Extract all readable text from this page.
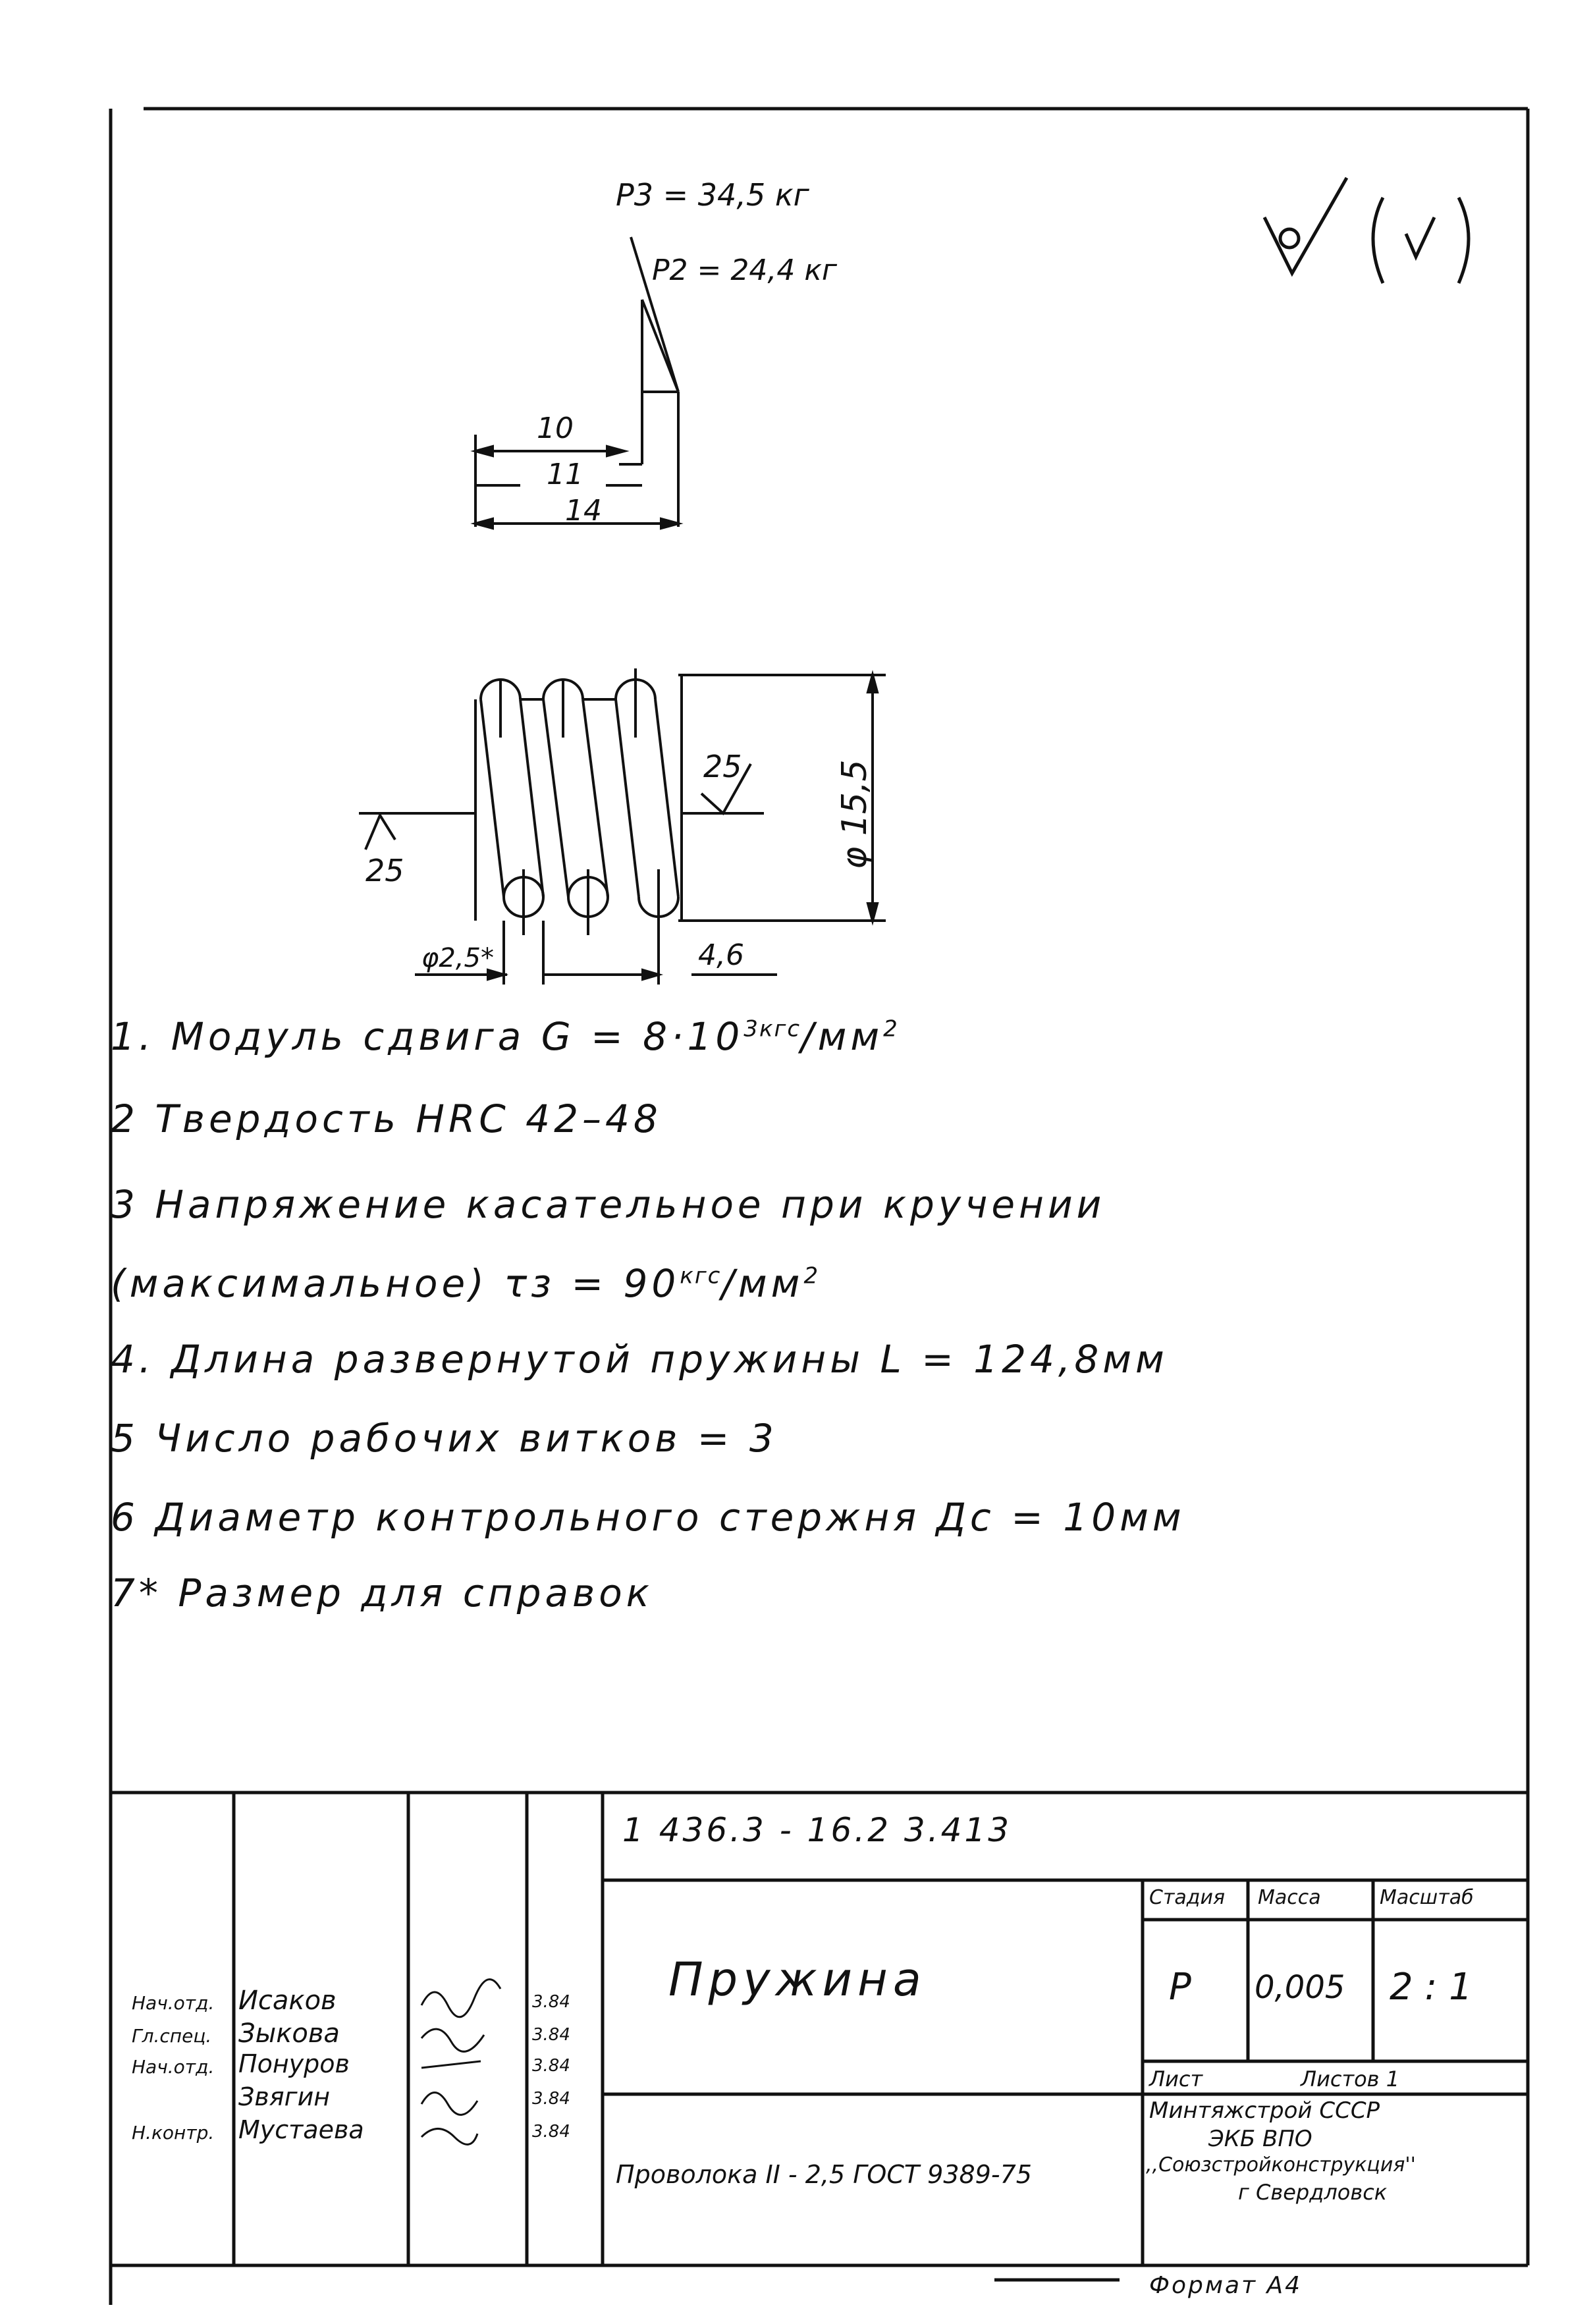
P3 = 34,5 кг
P2 = 24,4 кг
10
11
14
25
25
φ 15,5
φ2,5*	4,6
1. Модуль сдвига $G = 8\cdot 10^{3кгс}/мм^2$
2 Твердость HRC 42–48
3 Напряжение касательное при кручении
(максимальное) $\tau з = 90^{кгс}/мм^2$
4. Длина развернутой пружины L = 124,8мм
5 Число рабочих витков = 3
6 Диаметр контрольного стержня Дс = 10мм
7* Размер для справок
1 436.3 - 16.2 3.413
Пружина
Стадия Масса	Масштаб
Р 0,005 2 : 1
Лист	Листов 1
Проволока II - 2,5 ГОСТ 9389-75
Минтяжстрой СССР
ЭКБ ВПО
,,Союзстройконструкция''
г Свердловск
Формат А4
Нач.отд. Исаков	3.84
Гл.спец. Зыкова	3.84
Нач.отд. Понуров	3.84
Звягин	3.84
Н.контр. Мустаева	3.84
